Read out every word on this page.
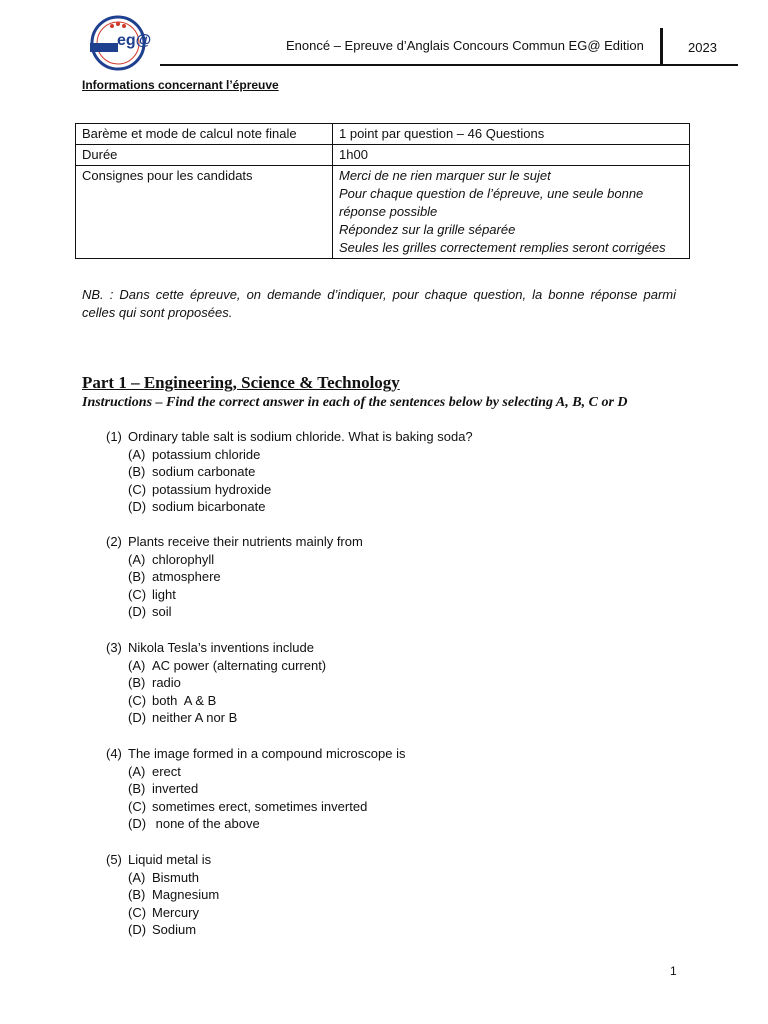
eg@	Enoncé – Epreuve d’Anglais Concours Commun EG@ Edition	2023
Informations concernant l’épreuve
Barème et mode de calcul note finale	1 point par question – 46 Questions
Durée	1h00
Consignes pour les candidats	Merci de ne rien marquer sur le sujet
Pour chaque question de l’épreuve, une seule bonne réponse possible
Répondez sur la grille séparée
Seules les grilles correctement remplies seront corrigées
NB. : Dans cette épreuve, on demande d’indiquer, pour chaque question, la bonne réponse parmi celles qui sont proposées.
Part 1 – Engineering, Science & Technology
Instructions – Find the correct answer in each of the sentences below by selecting A, B, C or D
(1) Ordinary table salt is sodium chloride. What is baking soda?
(A) potassium chloride
(B) sodium carbonate
(C) potassium hydroxide
(D) sodium bicarbonate
(2) Plants receive their nutrients mainly from
(A) chlorophyll
(B) atmosphere
(C) light
(D) soil
(3) Nikola Tesla’s inventions include
(A) AC power (alternating current)
(B) radio
(C) both  A & B
(D) neither A nor B
(4) The image formed in a compound microscope is
(A) erect
(B) inverted
(C) sometimes erect, sometimes inverted
(D) none of the above
(5) Liquid metal is
(A) Bismuth
(B) Magnesium
(C) Mercury
(D) Sodium
1
